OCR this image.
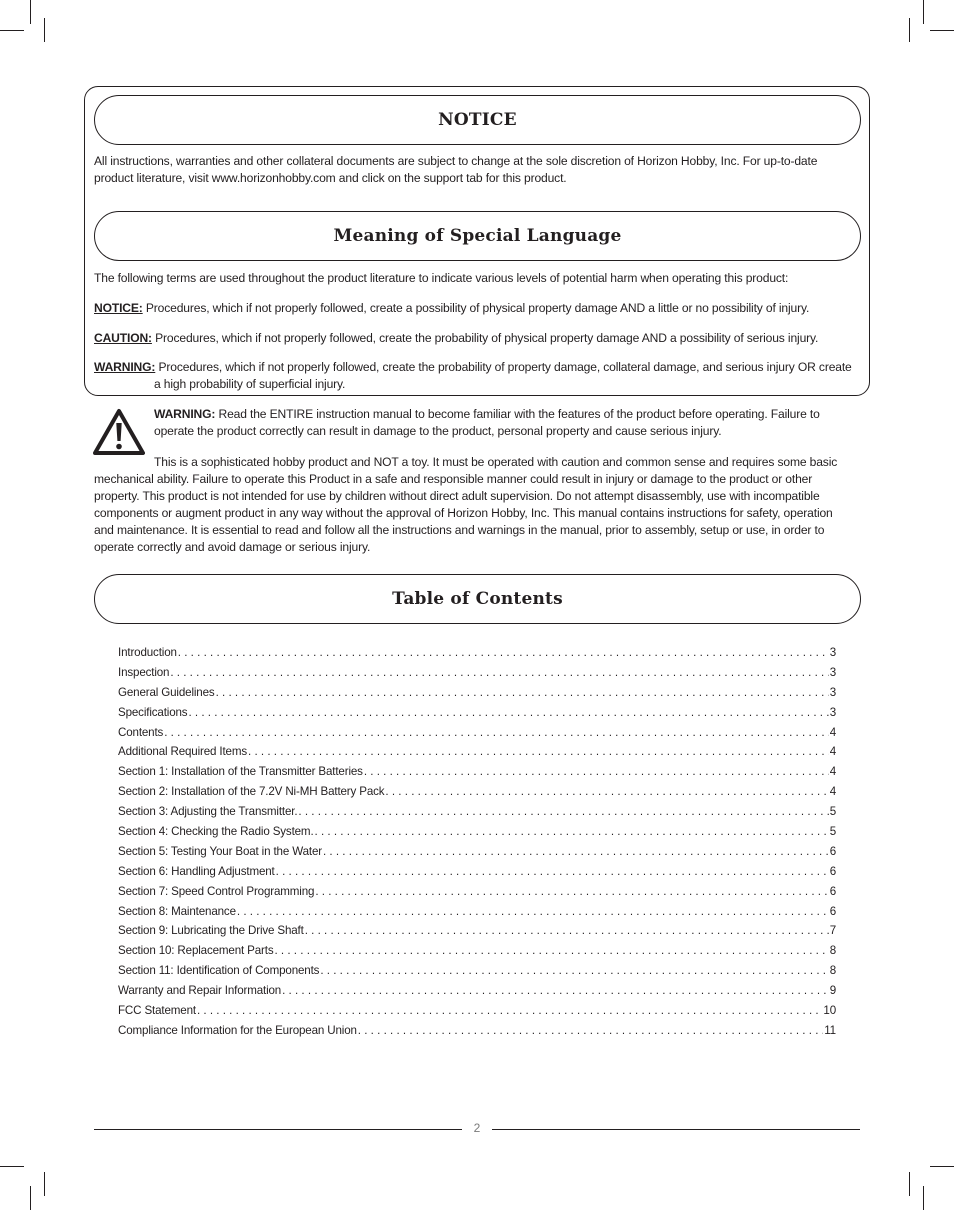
NOTICE
All instructions, warranties and other collateral documents are subject to change at the sole discretion of Horizon Hobby, Inc. For up-to-date product literature, visit www.horizonhobby.com and click on the support tab for this product.
Meaning of Special Language
The following terms are used throughout the product literature to indicate various levels of potential harm when operating this product:
NOTICE: Procedures, which if not properly followed, create a possibility of physical property damage AND a little or no possibility of injury.
CAUTION: Procedures, which if not properly followed, create the probability of physical property damage AND a possibility of serious injury.
WARNING: Procedures, which if not properly followed, create the probability of property damage, collateral damage, and serious injury OR create a high probability of superficial injury.
WARNING: Read the ENTIRE instruction manual to become familiar with the features of the product before operating. Failure to operate the product correctly can result in damage to the product, personal property and cause serious injury.
This is a sophisticated hobby product and NOT a toy. It must be operated with caution and common sense and requires some basic mechanical ability. Failure to operate this Product in a safe and responsible manner could result in injury or damage to the product or other property. This product is not intended for use by children without direct adult supervision. Do not attempt disassembly, use with incompatible components or augment product in any way without the approval of Horizon Hobby, Inc. This manual contains instructions for safety, operation and maintenance. It is essential to read and follow all the instructions and warnings in the manual, prior to assembly, setup or use, in order to operate correctly and avoid damage or serious injury.
Table of Contents
Introduction . . .	3
Inspection . . .	3
General Guidelines . . .	3
Specifications . . .	3
Contents . . .	4
Additional Required Items . . .	4
Section 1: Installation of the Transmitter Batteries . . .	4
Section 2: Installation of the 7.2V Ni-MH Battery Pack . . .	4
Section 3: Adjusting the Transmitter. . . .	5
Section 4: Checking the Radio System. . . .	5
Section 5: Testing Your Boat in the Water . . .	6
Section 6: Handling Adjustment . . .	6
Section 7: Speed Control Programming . . .	6
Section 8: Maintenance . . .	6
Section 9: Lubricating the Drive Shaft . . .	7
Section 10: Replacement Parts . . .	8
Section 11: Identification of Components . . .	8
Warranty and Repair Information . . .	9
FCC Statement . . .	10
Compliance Information for the European Union . . .	11
2
